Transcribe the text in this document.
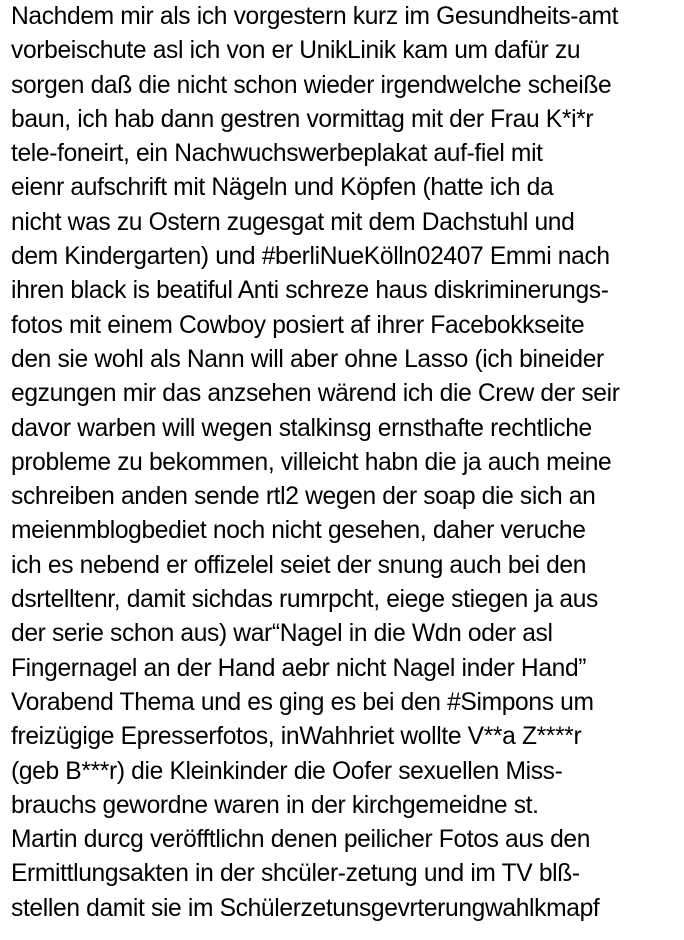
Nachdem mir als ich vorgestern kurz im Gesundheits-amt
vorbeischute asl ich von er UnikLinik kam um dafür zu
sorgen daß die nicht schon wieder irgendwelche scheiße
baun, ich hab dann gestren vormittag mit der Frau K*i*r
tele-foneirt, ein Nachwuchswerbeplakat auf-fiel mit
eienr aufschrift mit Nägeln und Köpfen (hatte ich da
nicht was zu Ostern zugesgat mit dem Dachstuhl und
dem Kindergarten) und #berliNueKölln02407 Emmi nach
ihren black is beatiful Anti schreze haus diskriminerungs-
fotos mit einem Cowboy posiert af ihrer Facebokkseite
den sie wohl als Nann will aber ohne Lasso (ich bineider
egzungen mir das anzsehen wärend ich die Crew der seir
davor warben will wegen stalkinsg ernsthafte rechtliche
probleme zu bekommen, villeicht habn die ja auch meine
schreiben anden sende rtl2 wegen der soap die sich an
meienmblogbediet noch nicht gesehen, daher veruche
ich es nebend er offizelel seiet der snung auch bei den
dsrtelltenr, damit sichdas rumrpcht, eiege stiegen ja aus
der serie schon aus) war“Nagel in die Wdn oder asl
Fingernagel an der Hand aebr nicht Nagel inder Hand”
Vorabend Thema und es ging es bei den #Simpons um
freizügige Epresserfotos, inWahhriet wollte V**a Z****r
(geb B***r) die Kleinkinder die Oofer sexuellen Miss-
brauchs gewordne waren in der kirchgemeidne st.
Martin durcg veröfftlichn denen peilicher Fotos aus den
Ermittlungsakten in der shcüler-zetung und im TV blß-
stellen damit sie im Schülerzetunsgevrterungwahlkmapf
